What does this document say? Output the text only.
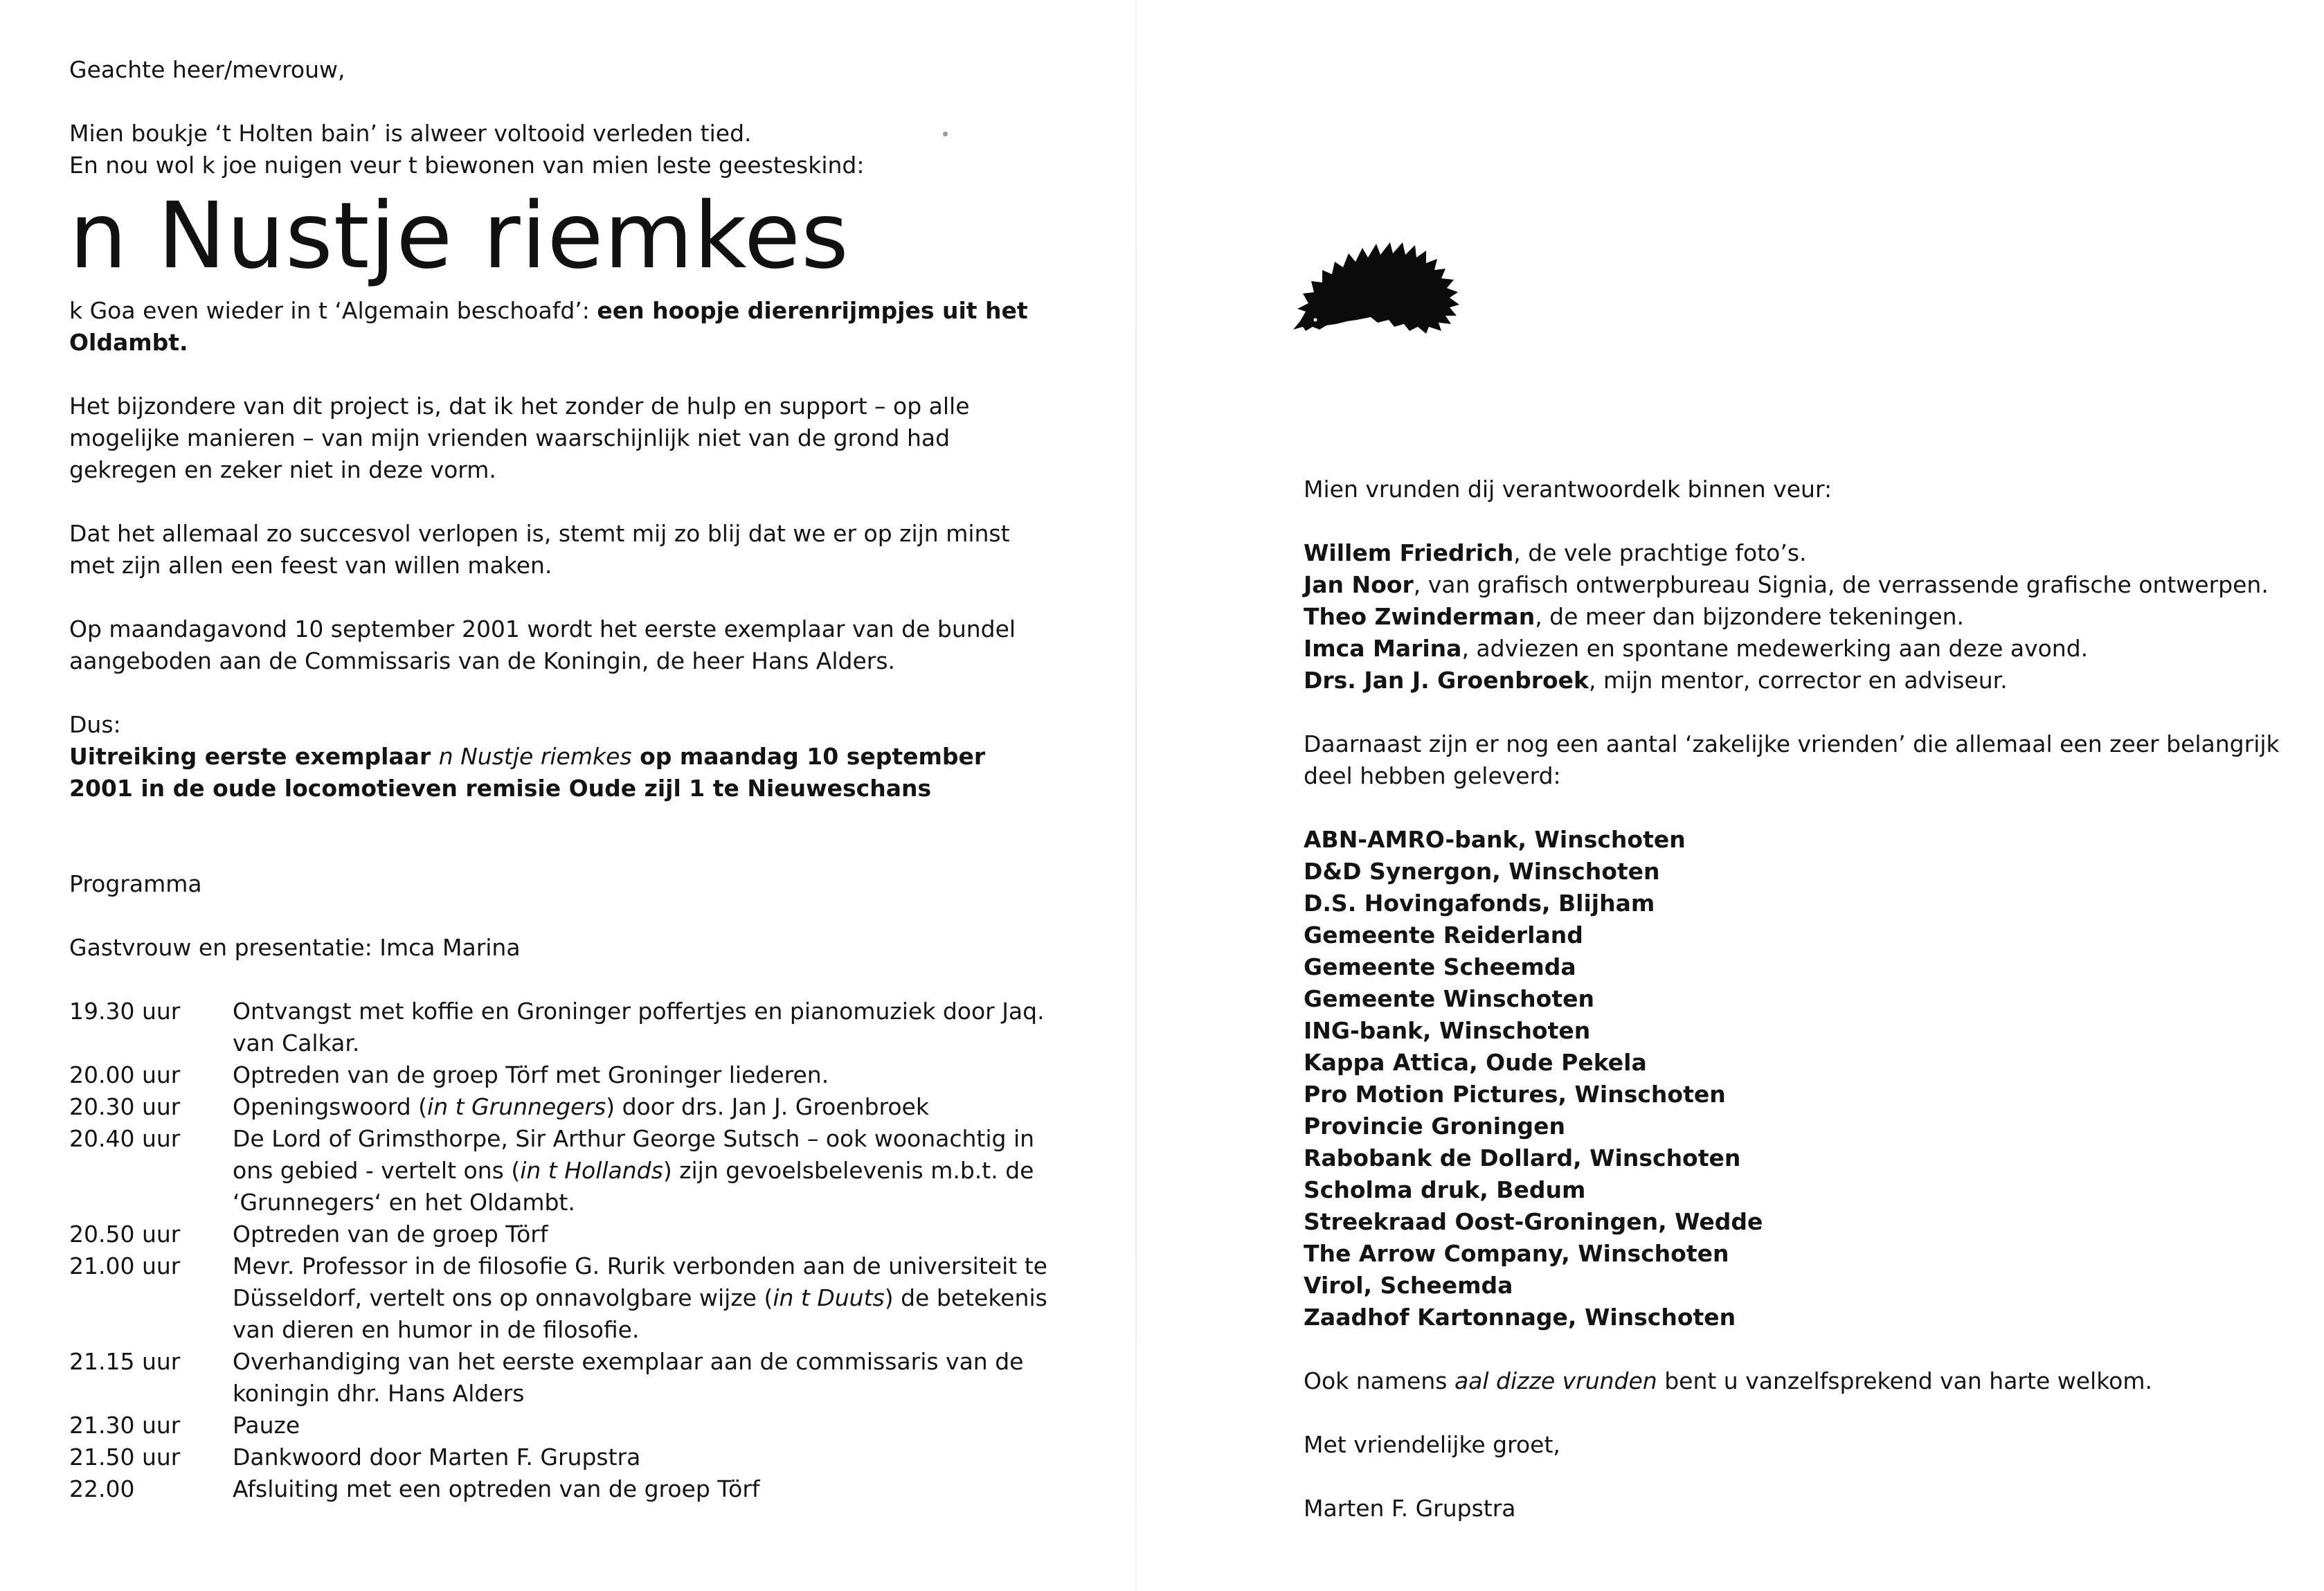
Geachte heer/mevrouw,

Mien boukje ‘t Holten bain’ is alweer voltooid verleden tied.

En nou wol k joe nuigen veur t biewonen van mien leste geesteskind:

n Nustje riemkes

k Goa even wieder in t ‘Algemain beschoafd’: een hoopje dierenrijmpjes uit het Oldambt.

Het bijzondere van dit project is, dat ik het zonder de hulp en support – op alle mogelijke manieren – van mijn vrienden waarschijnlijk niet van de grond had gekregen en zeker niet in deze vorm.

Dat het allemaal zo succesvol verlopen is, stemt mij zo blij dat we er op zijn minst met zijn allen een feest van willen maken.

Op maandagavond 10 september 2001 wordt het eerste exemplaar van de bundel aangeboden aan de Commissaris van de Koningin, de heer Hans Alders.

Dus:

Uitreiking eerste exemplaar n Nustje riemkes op maandag 10 september 2001 in de oude locomotieven remisie Oude zijl 1 te Nieuweschans

Programma

Gastvrouw en presentatie: Imca Marina

19.30 uur	Ontvangst met koffie en Groninger poffertjes en pianomuziek door Jaq. van Calkar.
20.00 uur	Optreden van de groep Törf met Groninger liederen.
20.30 uur	Openingswoord (in t Grunnegers) door drs. Jan J. Groenbroek
20.40 uur	De Lord of Grimsthorpe, Sir Arthur George Sutsch – ook woonachtig in ons gebied - vertelt ons (in t Hollands) zijn gevoelsbelevenis m.b.t. de ‘Grunnegers‘ en het Oldambt.
20.50 uur	Optreden van de groep Törf
21.00 uur	Mevr. Professor in de filosofie G. Rurik verbonden aan de universiteit te Düsseldorf, vertelt ons op onnavolgbare wijze (in t Duuts) de betekenis van dieren en humor in de filosofie.
21.15 uur	Overhandiging van het eerste exemplaar aan de commissaris van de koningin dhr. Hans Alders
21.30 uur	Pauze
21.50 uur	Dankwoord door Marten F. Grupstra
22.00	Afsluiting met een optreden van de groep Törf

Mien vrunden dij verantwoordelk binnen veur:

Willem Friedrich, de vele prachtige foto’s.

Jan Noor, van grafisch ontwerpbureau Signia, de verrassende grafische ontwerpen.

Theo Zwinderman, de meer dan bijzondere tekeningen.

Imca Marina, adviezen en spontane medewerking aan deze avond.

Drs. Jan J. Groenbroek, mijn mentor, corrector en adviseur.

Daarnaast zijn er nog een aantal ‘zakelijke vrienden’ die allemaal een zeer belangrijk deel hebben geleverd:

ABN-AMRO-bank, Winschoten

D&D Synergon, Winschoten

D.S. Hovingafonds, Blijham

Gemeente Reiderland

Gemeente Scheemda

Gemeente Winschoten

ING-bank, Winschoten

Kappa Attica, Oude Pekela

Pro Motion Pictures, Winschoten

Provincie Groningen

Rabobank de Dollard, Winschoten

Scholma druk, Bedum

Streekraad Oost-Groningen, Wedde

The Arrow Company, Winschoten

Virol, Scheemda

Zaadhof Kartonnage, Winschoten

Ook namens aal dizze vrunden bent u vanzelfsprekend van harte welkom.

Met vriendelijke groet,

Marten F. Grupstra
